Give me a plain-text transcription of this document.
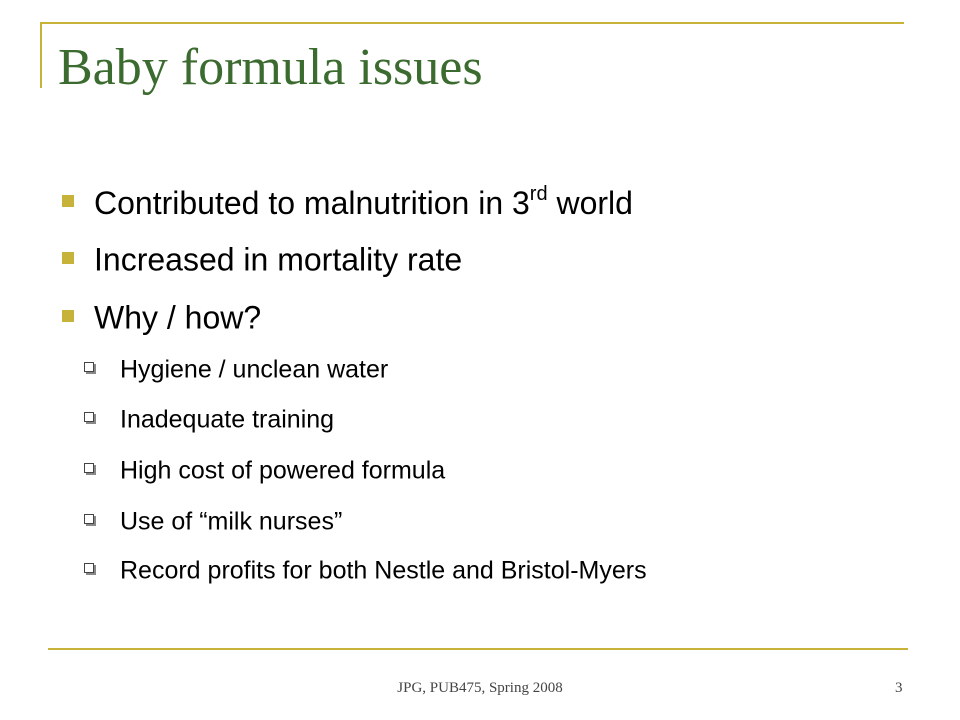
Baby formula issues
Contributed to malnutrition in 3rd world
Increased in mortality rate
Why / how?
Hygiene / unclean water
Inadequate training
High cost of powered formula
Use of “milk nurses”
Record profits for both Nestle and Bristol-Myers
JPG, PUB475, Spring 2008	3
